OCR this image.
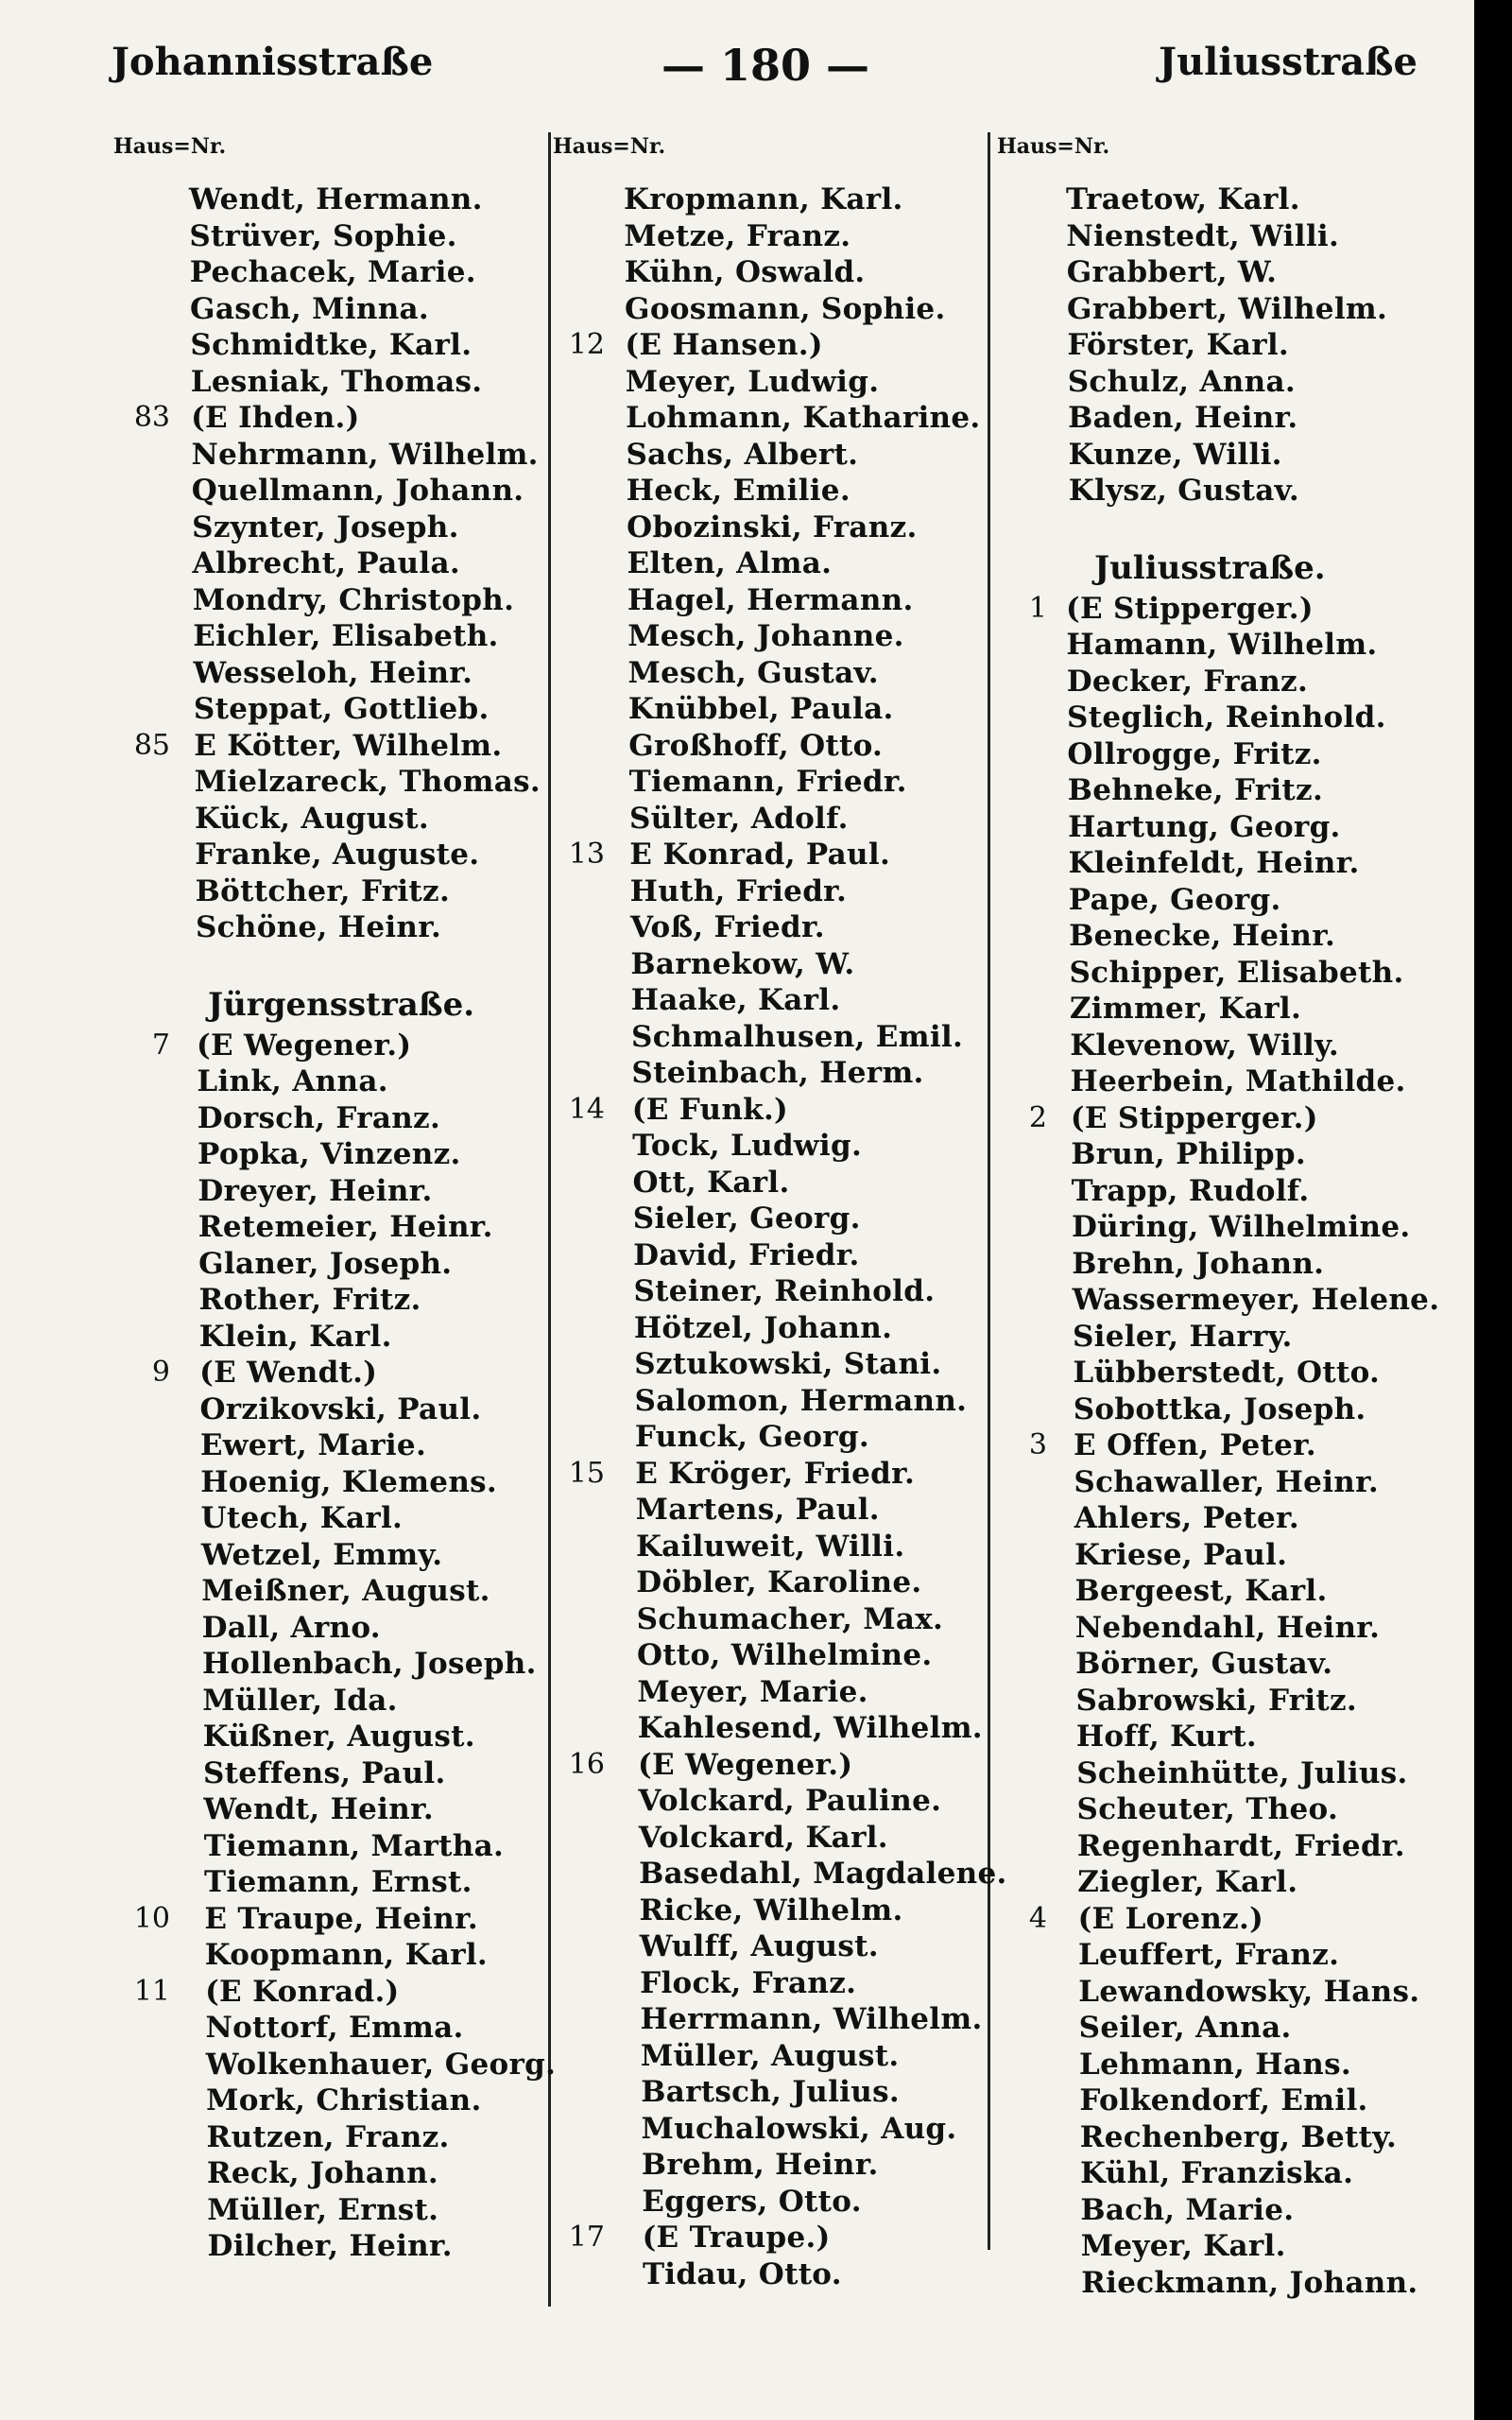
Johannisstraße	— 180 —	Juliusstraße
Haus=Nr.	Haus=Nr.	Haus=Nr.
Wendt, Hermann.
Strüver, Sophie.
Pechacek, Marie.
Gasch, Minna.
Schmidtke, Karl.
Lesniak, Thomas.
83 (E Ihden.)
Nehrmann, Wilhelm.
Quellmann, Johann.
Szynter, Joseph.
Albrecht, Paula.
Mondry, Christoph.
Eichler, Elisabeth.
Wesseloh, Heinr.
Steppat, Gottlieb.
85 E Kötter, Wilhelm.
Mielzareck, Thomas.
Kück, August.
Franke, Auguste.
Böttcher, Fritz.
Schöne, Heinr.
Jürgensstraße.
7 (E Wegener.)
Link, Anna.
Dorsch, Franz.
Popka, Vinzenz.
Dreyer, Heinr.
Retemeier, Heinr.
Glaner, Joseph.
Rother, Fritz.
Klein, Karl.
9 (E Wendt.)
Orzikovski, Paul.
Ewert, Marie.
Hoenig, Klemens.
Utech, Karl.
Wetzel, Emmy.
Meißner, August.
Dall, Arno.
Hollenbach, Joseph.
Müller, Ida.
Küßner, August.
Steffens, Paul.
Wendt, Heinr.
Tiemann, Martha.
Tiemann, Ernst.
10 E Traupe, Heinr.
Koopmann, Karl.
11 (E Konrad.)
Nottorf, Emma.
Wolkenhauer, Georg.
Mork, Christian.
Rutzen, Franz.
Reck, Johann.
Müller, Ernst.
Dilcher, Heinr.
Kropmann, Karl.
Metze, Franz.
Kühn, Oswald.
Goosmann, Sophie.
12 (E Hansen.)
Meyer, Ludwig.
Lohmann, Katharine.
Sachs, Albert.
Heck, Emilie.
Obozinski, Franz.
Elten, Alma.
Hagel, Hermann.
Mesch, Johanne.
Mesch, Gustav.
Knübbel, Paula.
Großhoff, Otto.
Tiemann, Friedr.
Sülter, Adolf.
13 E Konrad, Paul.
Huth, Friedr.
Voß, Friedr.
Barnekow, W.
Haake, Karl.
Schmalhusen, Emil.
Steinbach, Herm.
14 (E Funk.)
Tock, Ludwig.
Ott, Karl.
Sieler, Georg.
David, Friedr.
Steiner, Reinhold.
Hötzel, Johann.
Sztukowski, Stani.
Salomon, Hermann.
Funck, Georg.
15 E Kröger, Friedr.
Martens, Paul.
Kailuweit, Willi.
Döbler, Karoline.
Schumacher, Max.
Otto, Wilhelmine.
Meyer, Marie.
Kahlesend, Wilhelm.
16 (E Wegener.)
Volckard, Pauline.
Volckard, Karl.
Basedahl, Magdalene.
Ricke, Wilhelm.
Wulff, August.
Flock, Franz.
Herrmann, Wilhelm.
Müller, August.
Bartsch, Julius.
Muchalowski, Aug.
Brehm, Heinr.
Eggers, Otto.
17 (E Traupe.)
Tidau, Otto.
Traetow, Karl.
Nienstedt, Willi.
Grabbert, W.
Grabbert, Wilhelm.
Förster, Karl.
Schulz, Anna.
Baden, Heinr.
Kunze, Willi.
Klysz, Gustav.
Juliusstraße.
1 (E Stipperger.)
Hamann, Wilhelm.
Decker, Franz.
Steglich, Reinhold.
Ollrogge, Fritz.
Behneke, Fritz.
Hartung, Georg.
Kleinfeldt, Heinr.
Pape, Georg.
Benecke, Heinr.
Schipper, Elisabeth.
Zimmer, Karl.
Klevenow, Willy.
Heerbein, Mathilde.
2 (E Stipperger.)
Brun, Philipp.
Trapp, Rudolf.
Düring, Wilhelmine.
Brehn, Johann.
Wassermeyer, Helene.
Sieler, Harry.
Lübberstedt, Otto.
Sobottka, Joseph.
3 E Offen, Peter.
Schawaller, Heinr.
Ahlers, Peter.
Kriese, Paul.
Bergeest, Karl.
Nebendahl, Heinr.
Börner, Gustav.
Sabrowski, Fritz.
Hoff, Kurt.
Scheinhütte, Julius.
Scheuter, Theo.
Regenhardt, Friedr.
Ziegler, Karl.
4 (E Lorenz.)
Leuffert, Franz.
Lewandowsky, Hans.
Seiler, Anna.
Lehmann, Hans.
Folkendorf, Emil.
Rechenberg, Betty.
Kühl, Franziska.
Bach, Marie.
Meyer, Karl.
Rieckmann, Johann.
